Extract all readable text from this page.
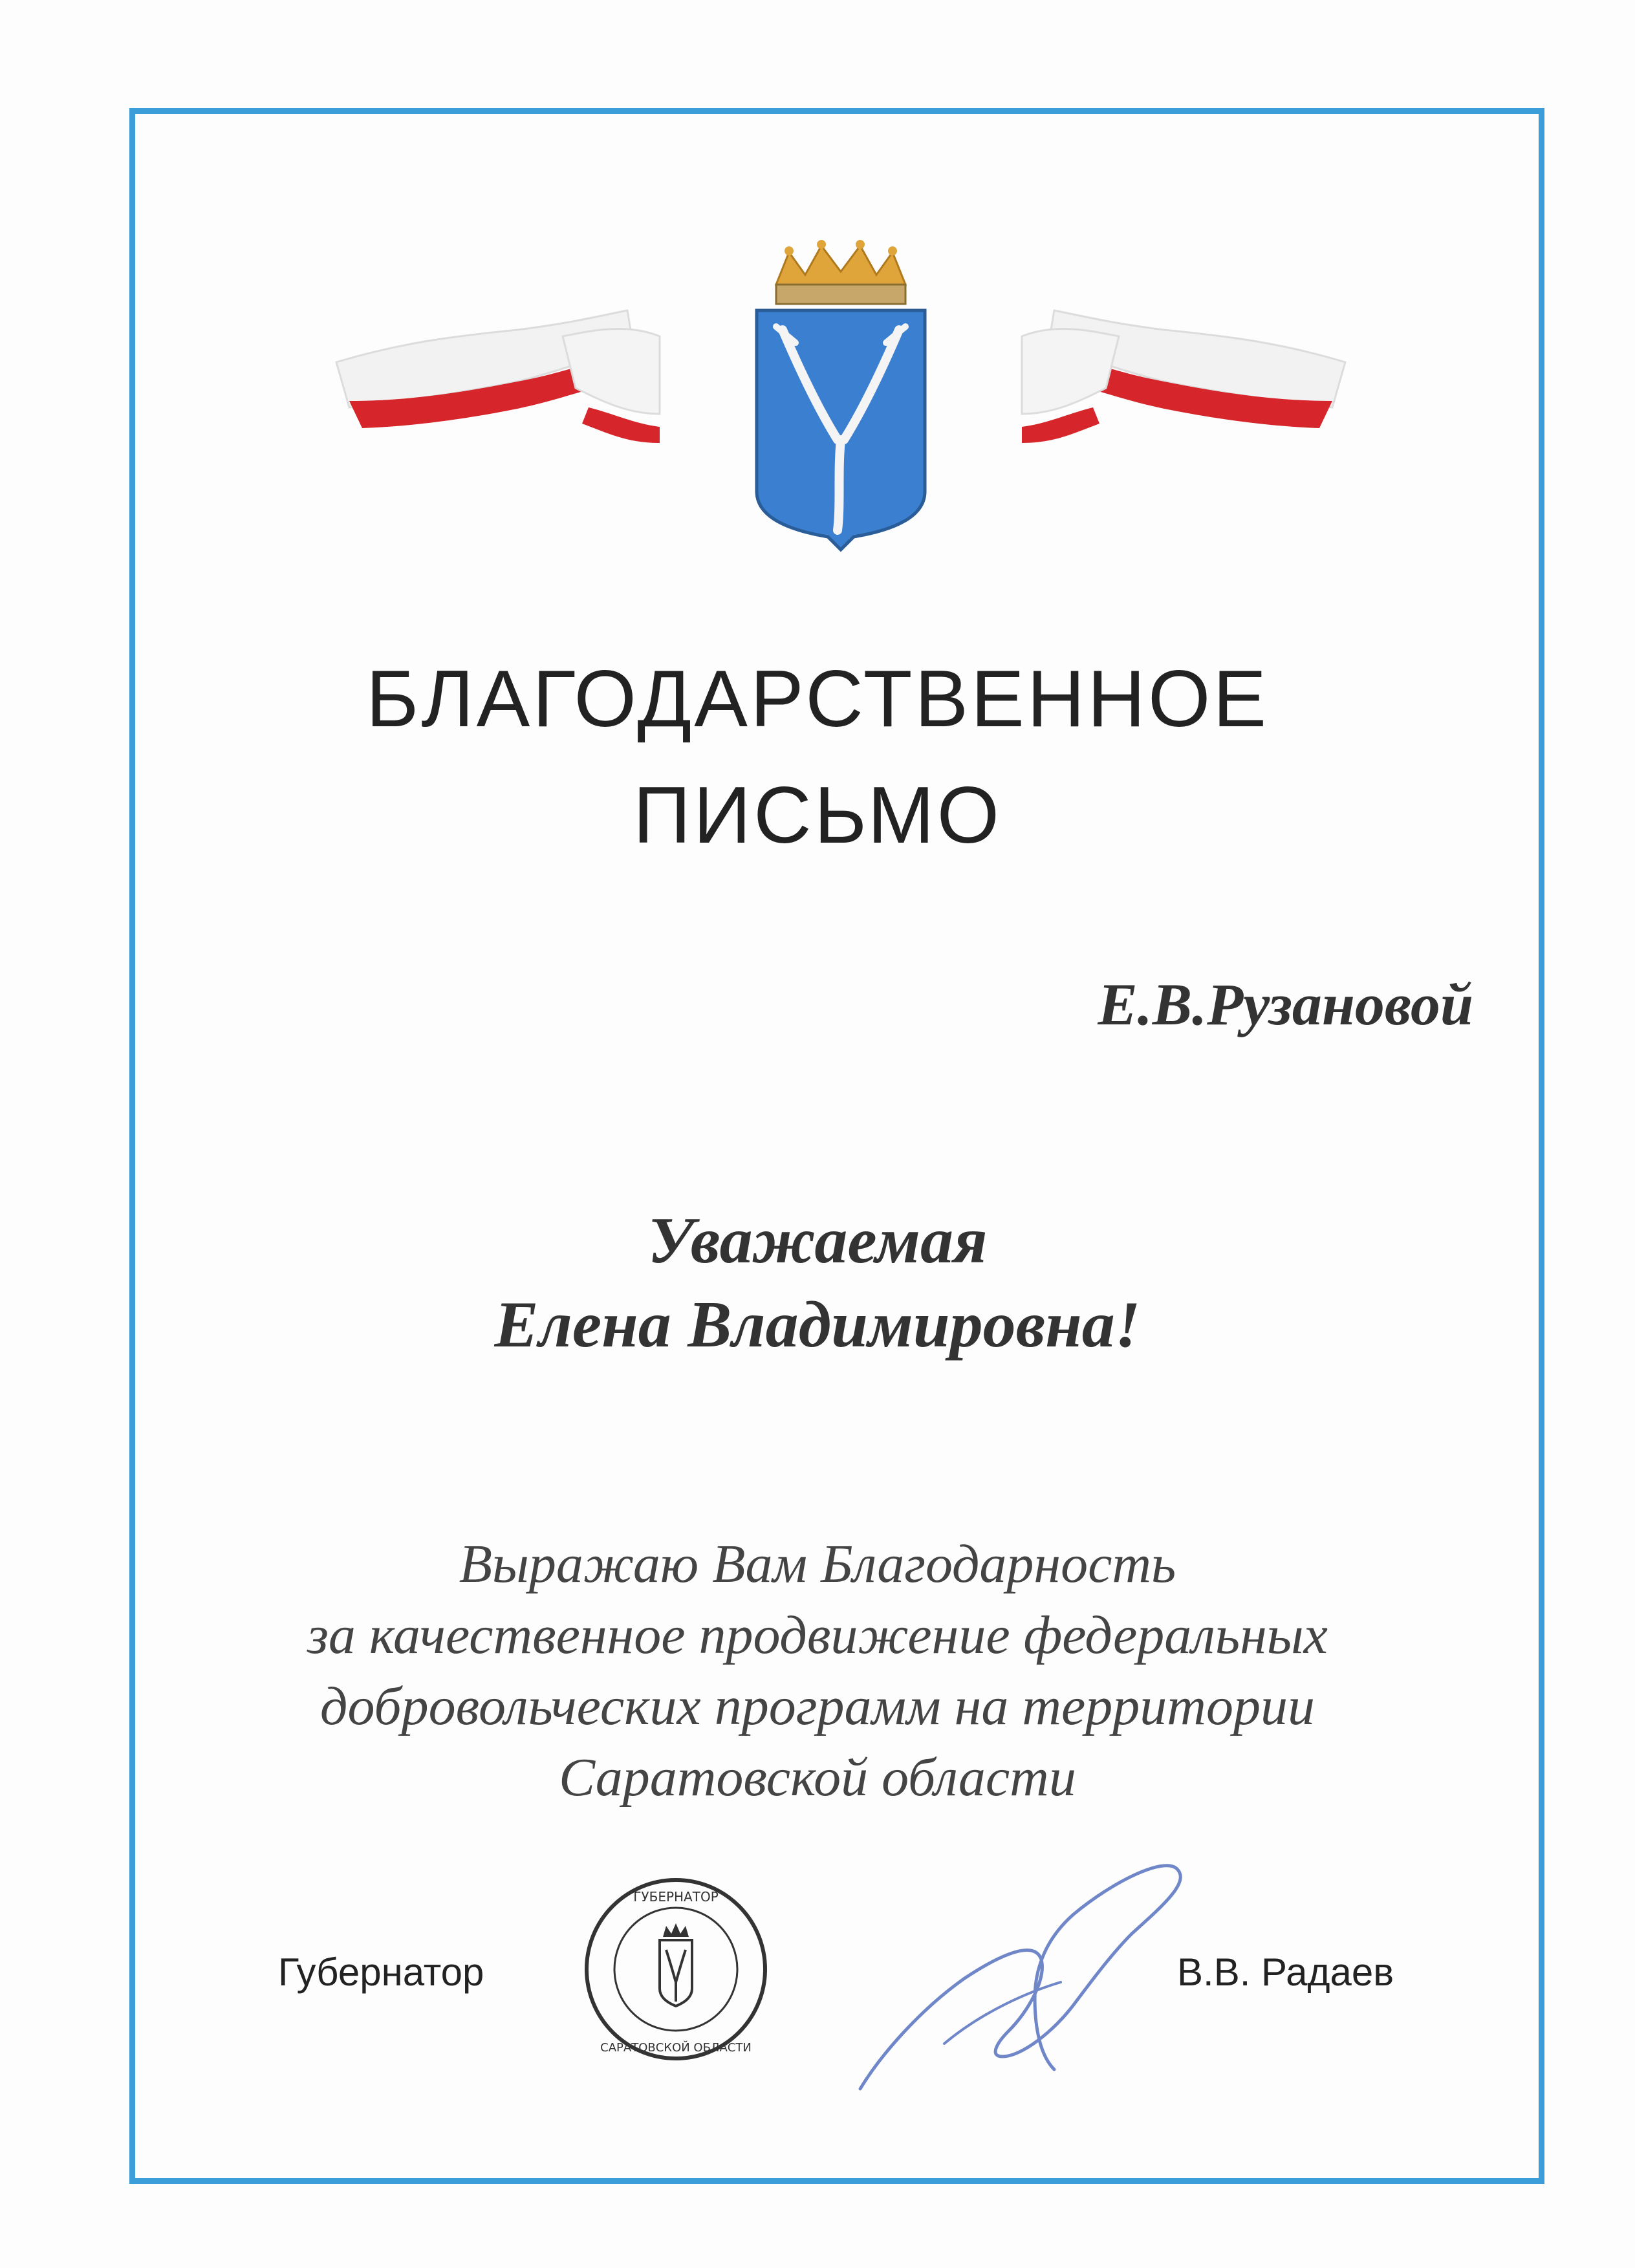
БЛАГОДАРСТВЕННОЕ
ПИСЬМО
Е.В.Рузановой
Уважаемая
Елена Владимировна!
Выражаю Вам Благодарность
за качественное продвижение федеральных
добровольческих программ на территории
Саратовской области
Губернатор
ГУБЕРНАТОР
САРАТОВСКОЙ ОБЛАСТИ
В.В. Радаев
